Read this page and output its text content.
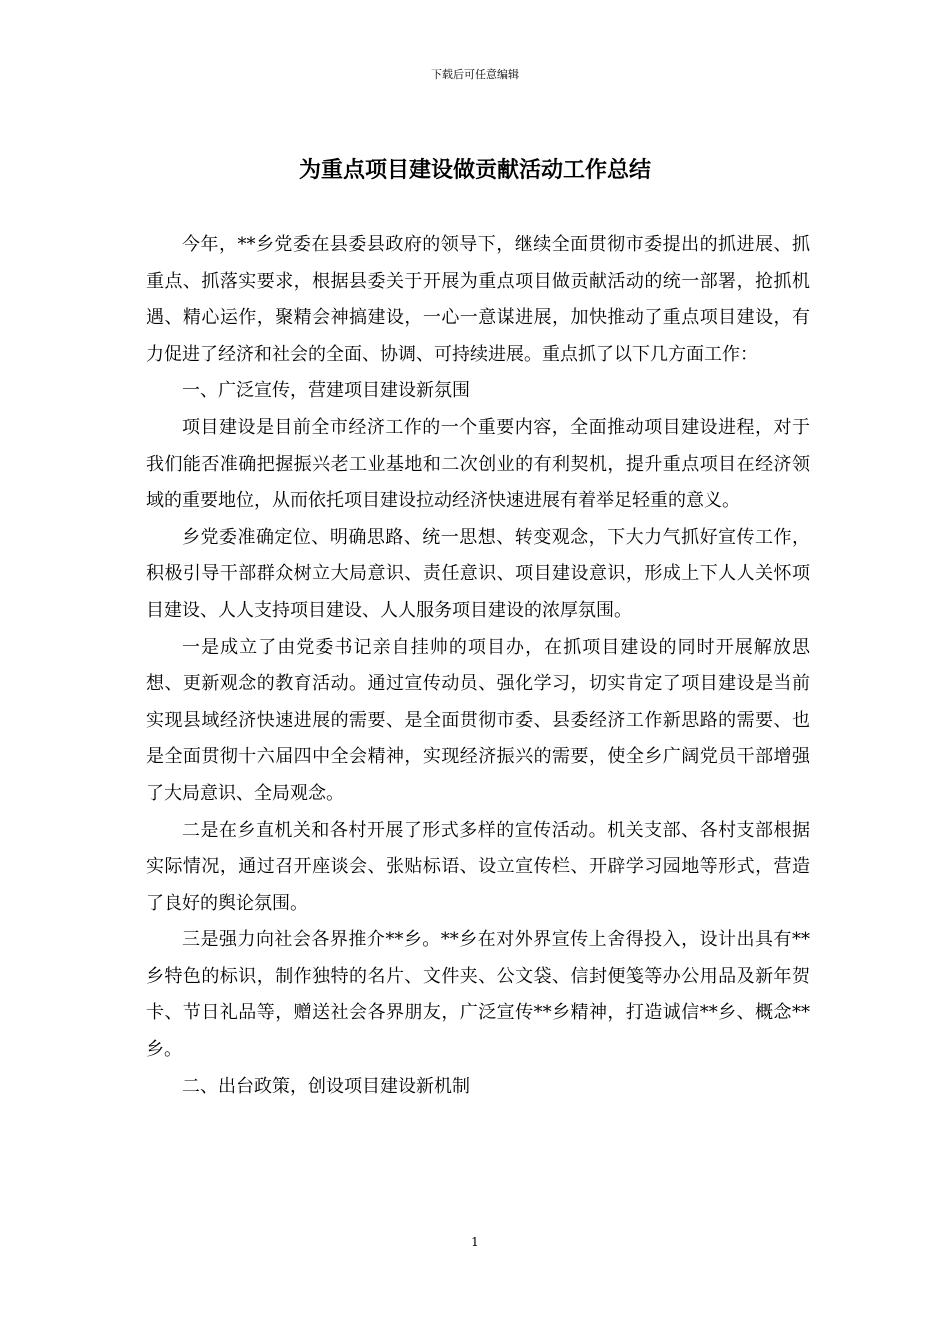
下载后可任意编辑
为重点项目建设做贡献活动工作总结

今年，**乡党委在县委县政府的领导下，继续全面贯彻市委提出的抓进展、抓重点、抓落实要求，根据县委关于开展为重点项目做贡献活动的统一部署，抢抓机遇、精心运作，聚精会神搞建设，一心一意谋进展，加快推动了重点项目建设，有力促进了经济和社会的全面、协调、可持续进展。重点抓了以下几方面工作：

一、广泛宣传，营建项目建设新氛围

项目建设是目前全市经济工作的一个重要内容，全面推动项目建设进程，对于我们能否准确把握振兴老工业基地和二次创业的有利契机，提升重点项目在经济领域的重要地位，从而依托项目建设拉动经济快速进展有着举足轻重的意义。

乡党委准确定位、明确思路、统一思想、转变观念，下大力气抓好宣传工作，积极引导干部群众树立大局意识、责任意识、项目建设意识，形成上下人人关怀项目建设、人人支持项目建设、人人服务项目建设的浓厚氛围。

一是成立了由党委书记亲自挂帅的项目办，在抓项目建设的同时开展解放思想、更新观念的教育活动。通过宣传动员、强化学习，切实肯定了项目建设是当前实现县域经济快速进展的需要、是全面贯彻市委、县委经济工作新思路的需要、也是全面贯彻十六届四中全会精神，实现经济振兴的需要，使全乡广阔党员干部增强了大局意识、全局观念。

二是在乡直机关和各村开展了形式多样的宣传活动。机关支部、各村支部根据实际情况，通过召开座谈会、张贴标语、设立宣传栏、开辟学习园地等形式，营造了良好的舆论氛围。

三是强力向社会各界推介**乡。**乡在对外界宣传上舍得投入，设计出具有**乡特色的标识，制作独特的名片、文件夹、公文袋、信封便笺等办公用品及新年贺卡、节日礼品等，赠送社会各界朋友，广泛宣传**乡精神，打造诚信**乡、概念**乡。

二、出台政策，创设项目建设新机制

1
